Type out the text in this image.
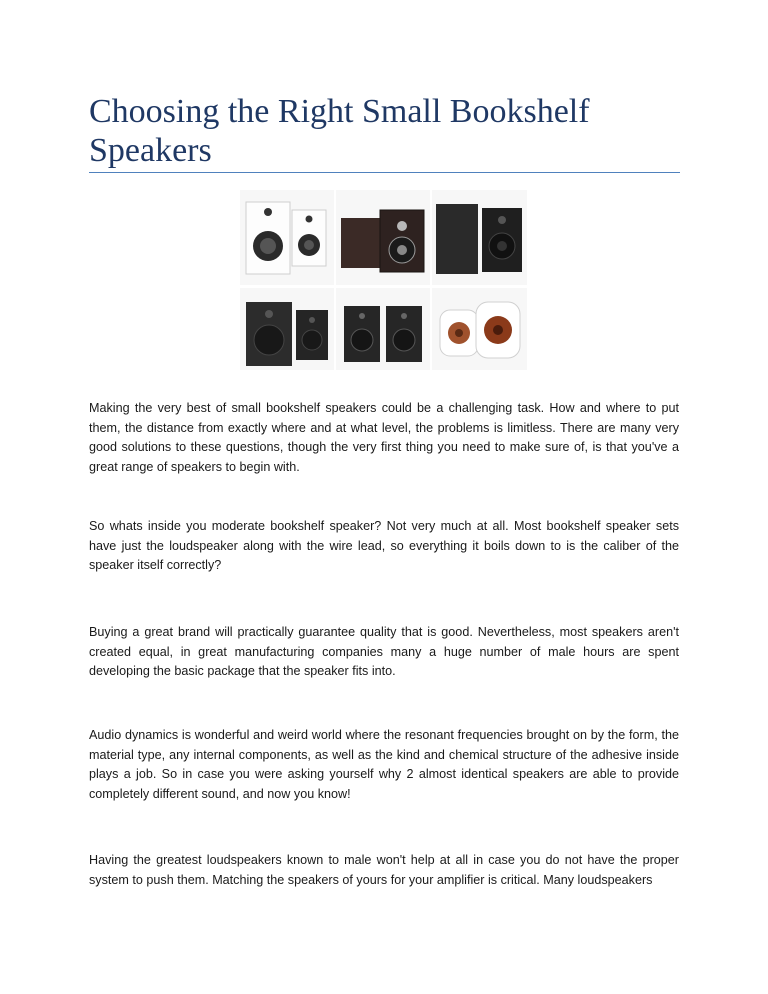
Choosing the Right Small Bookshelf Speakers

Making the very best of small bookshelf speakers could be a challenging task. How and where to put them, the distance from exactly where and at what level, the problems is limitless. There are many very good solutions to these questions, though the very first thing you need to make sure of, is that you've a great range of speakers to begin with.

So whats inside you moderate bookshelf speaker? Not very much at all. Most bookshelf speaker sets have just the loudspeaker along with the wire lead, so everything it boils down to is the caliber of the speaker itself correctly?

Buying a great brand will practically guarantee quality that is good. Nevertheless, most speakers aren't created equal, in great manufacturing companies many a huge number of male hours are spent developing the basic package that the speaker fits into.

Audio dynamics is wonderful and weird world where the resonant frequencies brought on by the form, the material type, any internal components, as well as the kind and chemical structure of the adhesive inside plays a job. So in case you were asking yourself why 2 almost identical speakers are able to provide completely different sound, and now you know!

Having the greatest loudspeakers known to male won't help at all in case you do not have the proper system to push them. Matching the speakers of yours for your amplifier is critical. Many loudspeakers
